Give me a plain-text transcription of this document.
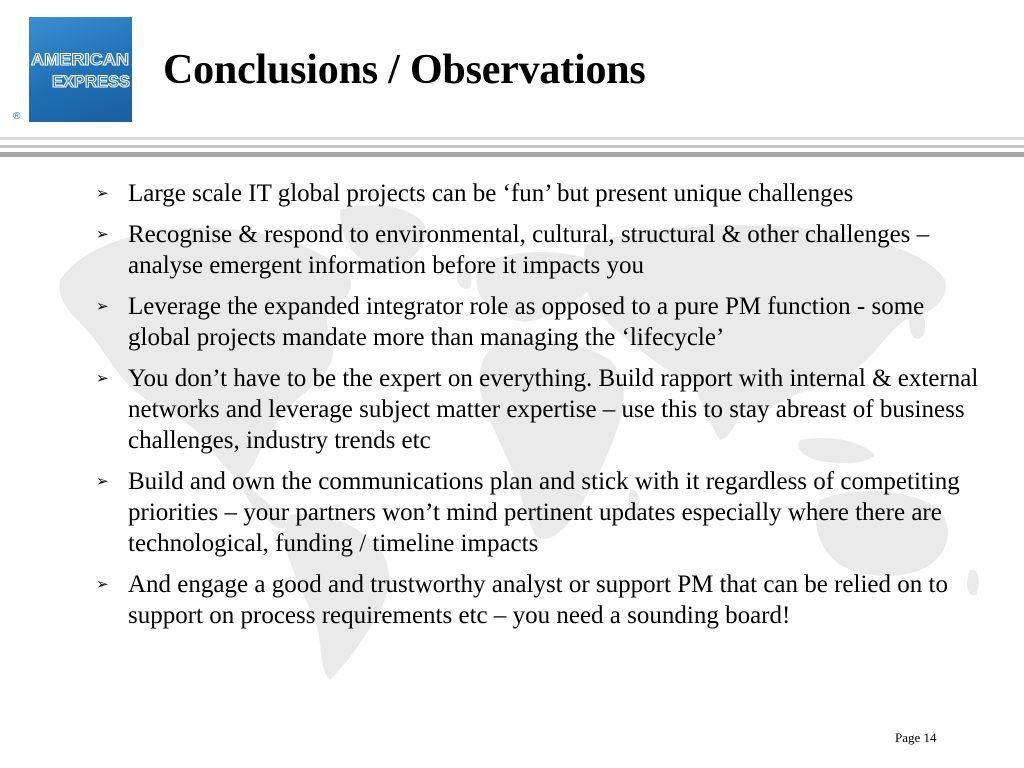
AMERICAN
EXPRESS
®
Conclusions / Observations
➢ Large scale IT global projects can be ‘fun’ but present unique challenges
➢ Recognise & respond to environmental, cultural, structural & other challenges – analyse emergent information before it impacts you
➢ Leverage the expanded integrator role as opposed to a pure PM function - some global projects mandate more than managing the ‘lifecycle’
➢ You don’t have to be the expert on everything. Build rapport with internal & external networks and leverage subject matter expertise – use this to stay abreast of business challenges, industry trends etc
➢ Build and own the communications plan and stick with it regardless of competiting priorities – your partners won’t mind pertinent updates especially where there are technological, funding / timeline impacts
➢ And engage a good and trustworthy analyst or support PM that can be relied on to support on process requirements etc – you need a sounding board!
Page 14
